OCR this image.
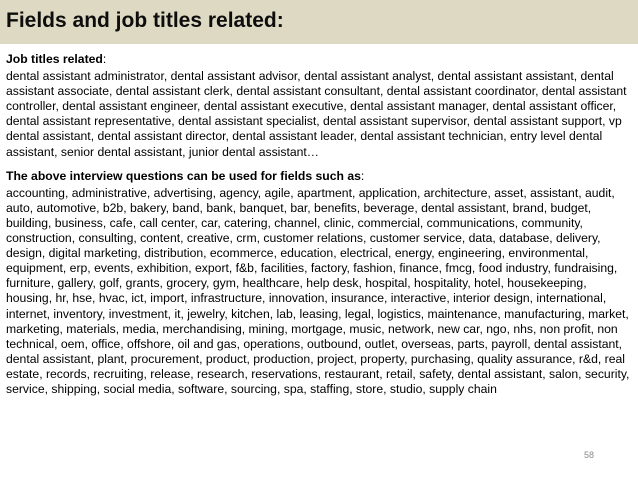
Fields and job titles related:

Job titles related:

dental assistant administrator, dental assistant advisor, dental assistant analyst, dental assistant assistant, dental assistant associate, dental assistant clerk, dental assistant consultant, dental assistant coordinator, dental assistant controller, dental assistant engineer, dental assistant executive, dental assistant manager, dental assistant officer, dental assistant representative, dental assistant specialist, dental assistant supervisor, dental assistant support, vp dental assistant, dental assistant director, dental assistant leader, dental assistant technician, entry level dental assistant, senior dental assistant, junior dental assistant…

The above interview questions can be used for fields such as:

accounting, administrative, advertising, agency, agile, apartment, application, architecture, asset, assistant, audit, auto, automotive, b2b, bakery, band, bank, banquet, bar, benefits, beverage, dental assistant, brand, budget, building, business, cafe, call center, car, catering, channel, clinic, commercial, communications, community, construction, consulting, content, creative, crm, customer relations, customer service, data, database, delivery, design, digital marketing, distribution, ecommerce, education, electrical, energy, engineering, environmental, equipment, erp, events, exhibition, export, f&b, facilities, factory, fashion, finance, fmcg, food industry, fundraising, furniture, gallery, golf, grants, grocery, gym, healthcare, help desk, hospital, hospitality, hotel, housekeeping, housing, hr, hse, hvac, ict, import, infrastructure, innovation, insurance, interactive, interior design, international, internet, inventory, investment, it, jewelry, kitchen, lab, leasing, legal, logistics, maintenance, manufacturing, market, marketing, materials, media, merchandising, mining, mortgage, music, network, new car, ngo, nhs, non profit, non technical, oem, office, offshore, oil and gas, operations, outbound, outlet, overseas, parts, payroll, dental assistant, dental assistant, plant, procurement, product, production, project, property, purchasing, quality assurance, r&d, real estate, records, recruiting, release, research, reservations, restaurant, retail, safety, dental assistant, salon, security, service, shipping, social media, software, sourcing, spa, staffing, store, studio, supply chain

58
